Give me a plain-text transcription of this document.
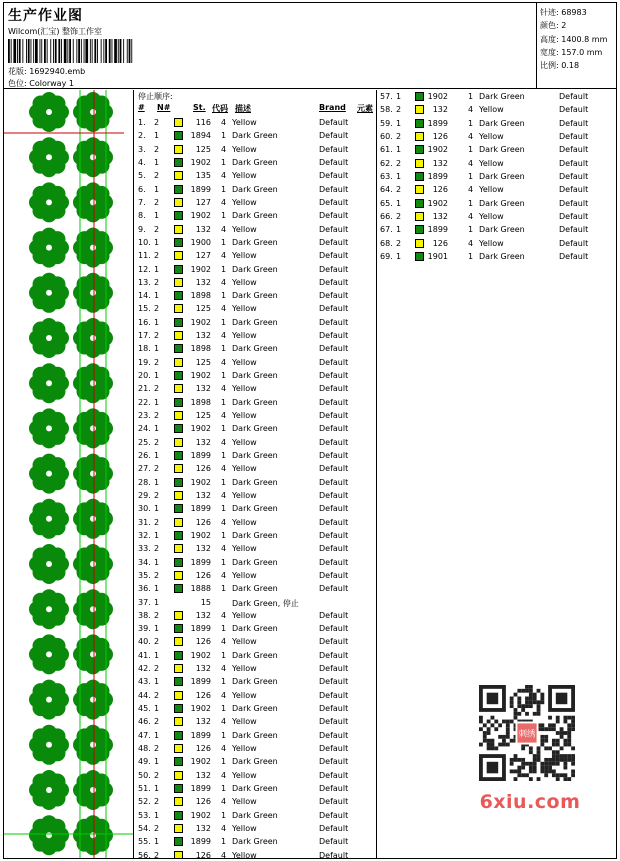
生产作业图
Wilcom(汇宝) 整饰工作室
花版: 1692940.emb
色位: Colorway 1
针迹: 68983
颜色: 2
高度: 1400.8 mm
宽度: 157.0 mm
比例: 0.18
停止顺序:
# N#	St. 代码 描述	Brand 元素
1. 2	116 4 Yellow	Default
2. 1	1894 1 Dark Green	Default
3. 2	125 4 Yellow	Default
4. 1	1902 1 Dark Green	Default
5. 2	135 4 Yellow	Default
6. 1	1899 1 Dark Green	Default
7. 2	127 4 Yellow	Default
8. 1	1902 1 Dark Green	Default
9. 2	132 4 Yellow	Default
10. 1	1900 1 Dark Green	Default
11. 2	127 4 Yellow	Default
12. 1	1902 1 Dark Green	Default
13. 2	132 4 Yellow	Default
14. 1	1898 1 Dark Green	Default
15. 2	125 4 Yellow	Default
16. 1	1902 1 Dark Green	Default
17. 2	132 4 Yellow	Default
18. 1	1898 1 Dark Green	Default
19. 2	125 4 Yellow	Default
20. 1	1902 1 Dark Green	Default
21. 2	132 4 Yellow	Default
22. 1	1898 1 Dark Green	Default
23. 2	125 4 Yellow	Default
24. 1	1902 1 Dark Green	Default
25. 2	132 4 Yellow	Default
26. 1	1899 1 Dark Green	Default
27. 2	126 4 Yellow	Default
28. 1	1902 1 Dark Green	Default
29. 2	132 4 Yellow	Default
30. 1	1899 1 Dark Green	Default
31. 2	126 4 Yellow	Default
32. 1	1902 1 Dark Green	Default
33. 2	132 4 Yellow	Default
34. 1	1899 1 Dark Green	Default
35. 2	126 4 Yellow	Default
36. 1	1888 1 Dark Green	Default
37. 1	15	Dark Green, 停止
38. 2	132 4 Yellow	Default
39. 1	1899 1 Dark Green	Default
40. 2	126 4 Yellow	Default
41. 1	1902 1 Dark Green	Default
42. 2	132 4 Yellow	Default
43. 1	1899 1 Dark Green	Default
44. 2	126 4 Yellow	Default
45. 1	1902 1 Dark Green	Default
46. 2	132 4 Yellow	Default
47. 1	1899 1 Dark Green	Default
48. 2	126 4 Yellow	Default
49. 1	1902 1 Dark Green	Default
50. 2	132 4 Yellow	Default
51. 1	1899 1 Dark Green	Default
52. 2	126 4 Yellow	Default
53. 1	1902 1 Dark Green	Default
54. 2	132 4 Yellow	Default
55. 1	1899 1 Dark Green	Default
56. 2	126 4 Yellow	Default
57. 1	1902	1 Dark Green	Default
58. 2	132	4 Yellow	Default
59. 1	1899	1 Dark Green	Default
60. 2	126	4 Yellow	Default
61. 1	1902	1 Dark Green	Default
62. 2	132	4 Yellow	Default
63. 1	1899	1 Dark Green	Default
64. 2	126	4 Yellow	Default
65. 1	1902	1 Dark Green	Default
66. 2	132	4 Yellow	Default
67. 1	1899	1 Dark Green	Default
68. 2	126	4 Yellow	Default
69. 1	1901	1 Dark Green	Default
刺绣
6xiu.com
